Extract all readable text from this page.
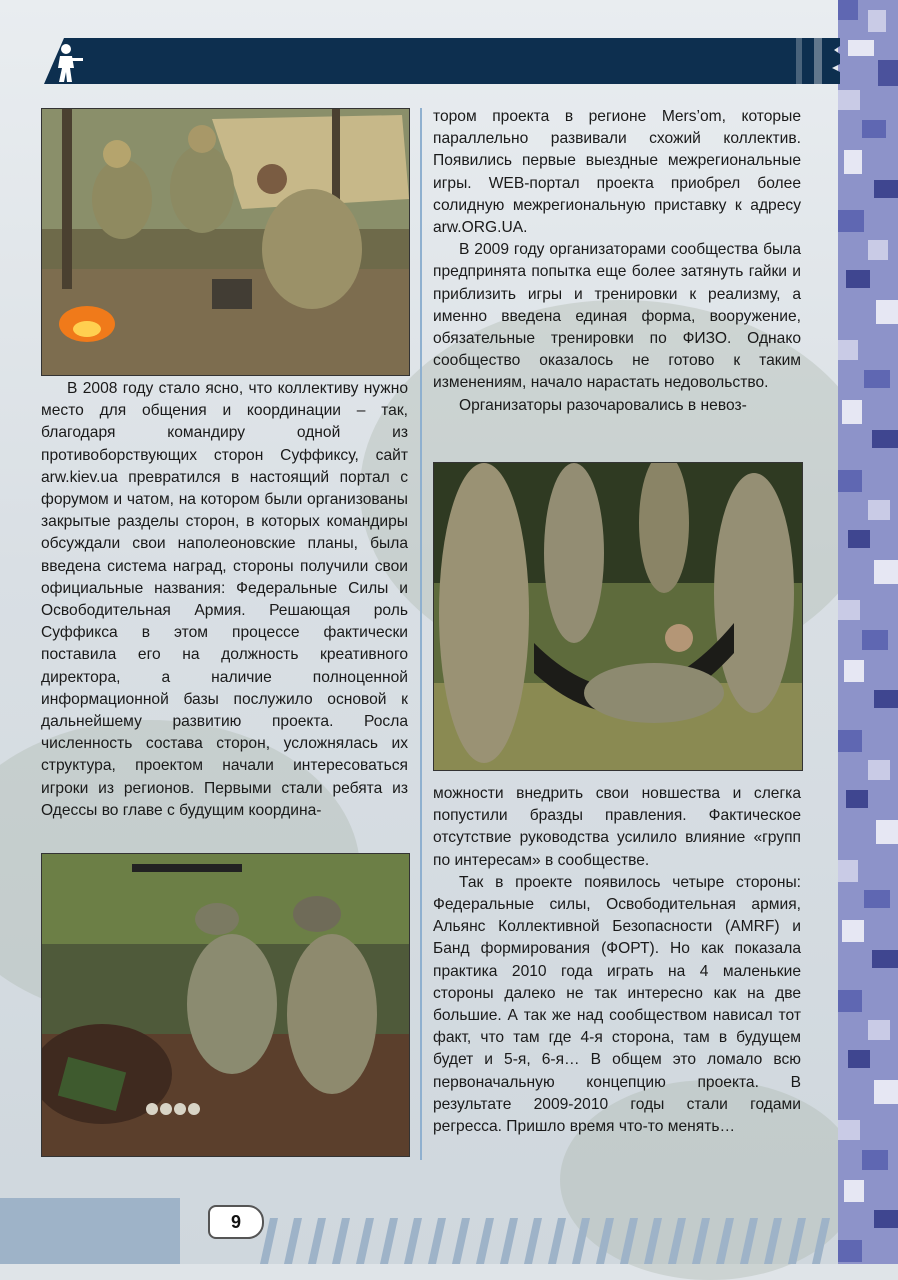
В 2008 году стало ясно, что коллективу нужно место для общения и координации – так, благодаря командиру одной из противоборствующих сторон Суффиксу, сайт arw.kiev.ua превратился в настоящий портал с форумом и чатом, на котором были организованы закрытые разделы сторон, в которых командиры обсуждали свои наполеоновские планы, была введена система наград, стороны получили свои официальные названия: Федеральные Силы и Освободительная Армия. Решающая роль Суффикса в этом процессе фактически поставила его на должность креативного директора, а наличие полноценной информационной базы послужило основой к дальнейшему развитию проекта. Росла численность состава сторон, усложнялась их структура, проектом начали интересоваться игроки из регионов. Первыми стали ребята из Одессы во главе с будущим координа-

тором проекта в регионе Mers’om, которые параллельно развивали схожий коллектив. Появились первые выездные межрегиональные игры. WEB-портал проекта приобрел более солидную межрегиональную приставку к адресу arw.ORG.UA.

В 2009 году организаторами сообщества была предпринята попытка еще более затянуть гайки и приблизить игры и тренировки к реализму, а именно введена единая форма, вооружение, обязательные тренировки по ФИЗО. Однако сообщество оказалось не готово к таким изменениям, начало нарастать недовольство.

Организаторы разочаровались в невоз-

можности внедрить свои новшества и слегка попустили бразды правления. Фактическое отсутствие руководства усилило влияние «групп по интересам» в сообществе.

Так в проекте появилось четыре стороны: Федеральные силы, Освободительная армия, Альянс Коллективной Безопасности (AMRF) и Банд формирования (ФОРТ). Но как показала практика 2010 года играть на 4 маленькие стороны далеко не так интересно как на две большие. А так же над сообществом нависал тот факт, что там где 4-я сторона, там в будущем будет и 5-я, 6-я… В общем это ломало всю первоначальную концепцию проекта. В результате 2009-2010 годы стали годами регресса. Пришло время что-то менять…

9
